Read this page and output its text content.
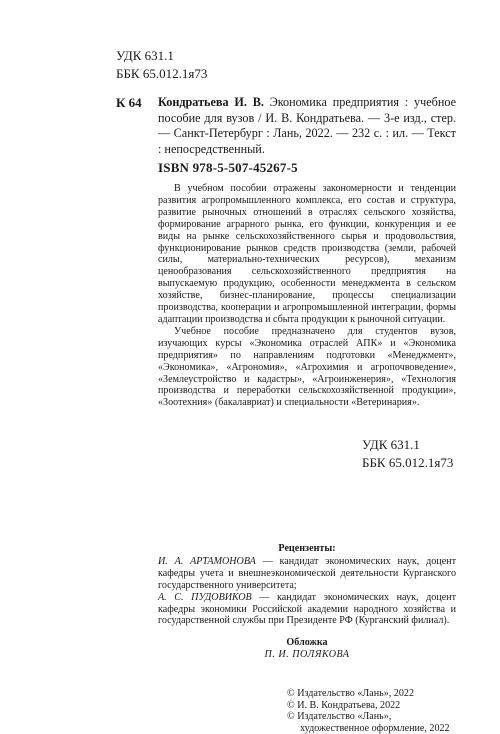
УДК 631.1
ББК 65.012.1я73
К 64 Кондратьева И. В. Экономика предприятия : учебное пособие для вузов / И. В. Кондратьева. — 3-е изд., стер. — Санкт-Петербург : Лань, 2022. — 232 с. : ил. — Текст : непосредственный.
ISBN 978-5-507-45267-5

В учебном пособии отражены закономерности и тенденции развития агропромышленного комплекса, его состав и структура, развитие рыночных отношений в отраслях сельского хозяйства, формирование аграрного рынка, его функции, конкуренция и ее виды на рынке сельскохозяйственного сырья и продовольствия, функционирование рынков средств производства (земли, рабочей силы, материально-технических ресурсов), механизм ценообразования сельскохозяйственного предприятия на выпускаемую продукцию, особенности менеджмента в сельском хозяйстве, бизнес-планирование, процессы специализации производства, кооперации и агропромышленной интеграции, формы адаптации производства и сбыта продукции к рыночной ситуации.

Учебное пособие предназначено для студентов вузов, изучающих курсы «Экономика отраслей АПК» и «Экономика предприятия» по направлениям подготовки «Менеджмент», «Экономика», «Агрономия», «Агрохимия и агропочвоведение», «Землеустройство и кадастры», «Агроинженерия», «Технология производства и переработки сельскохозяйственной продукции», «Зоотехния» (бакалавриат) и специальности «Ветеринария».

УДК 631.1
ББК 65.012.1я73
Рецензенты:

И. А. АРТАМОНОВА — кандидат экономических наук, доцент кафедры учета и внешнеэкономической деятельности Курганского государственного университета;

А. С. ПУДОВИКОВ — кандидат экономических наук, доцент кафедры экономики Российской академии народного хозяйства и государственной службы при Президенте РФ (Курганский филиал).

Обложка
П. И. ПОЛЯКОВА
© Издательство «Лань», 2022
© И. В. Кондратьева, 2022
© Издательство «Лань»,
художественное оформление, 2022
